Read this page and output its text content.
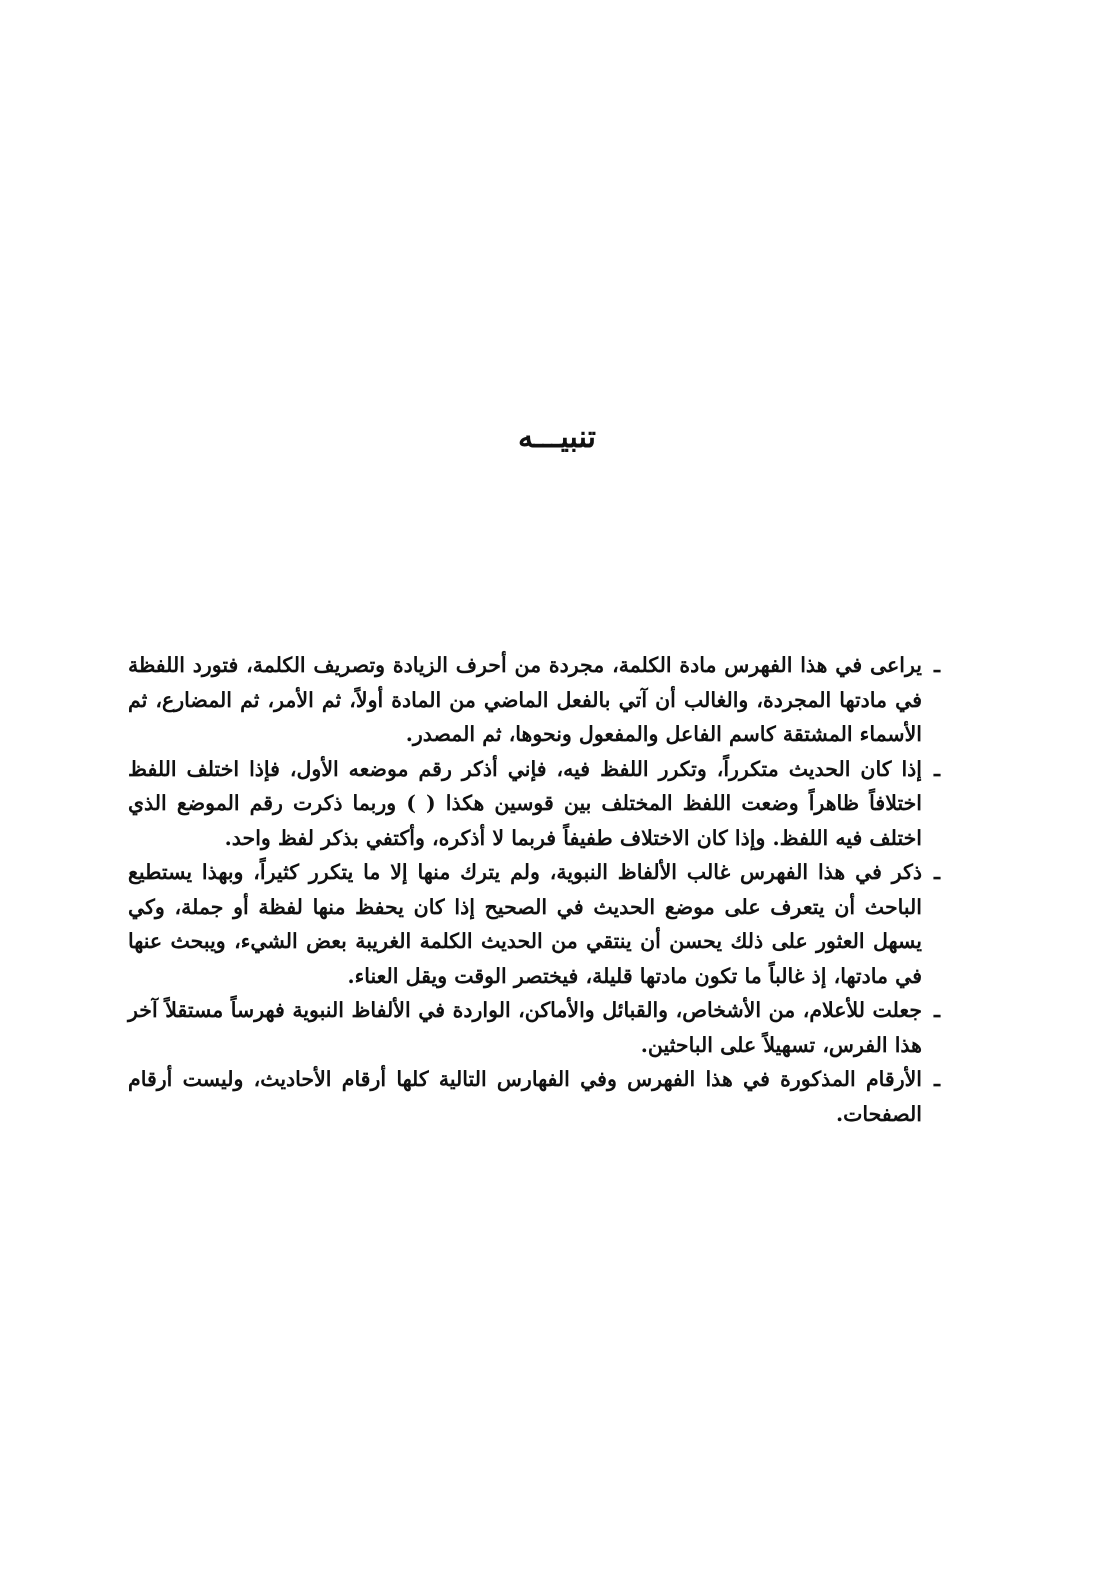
تنبيـــه
ـ
يراعى في هذا الفهرس مادة الكلمة، مجردة من أحرف الزيادة وتصريف الكلمة، فتورد اللفظة في مادتها المجردة، والغالب أن آتي بالفعل الماضي من المادة أولاً، ثم الأمر، ثم المضارع، ثم الأسماء المشتقة كاسم الفاعل والمفعول ونحوها، ثم المصدر.
ـ
إذا كان الحديث متكرراً، وتكرر اللفظ فيه، فإني أذكر رقم موضعه الأول، فإذا اختلف اللفظ اختلافاً ظاهراً وضعت اللفظ المختلف بين قوسين هكذا ( ) وربما ذكرت رقم الموضع الذي اختلف فيه اللفظ. وإذا كان الاختلاف طفيفاً فربما لا أذكره، وأكتفي بذكر لفظ واحد.
ـ
ذكر في هذا الفهرس غالب الألفاظ النبوية، ولم يترك منها إلا ما يتكرر كثيراً، وبهذا يستطيع الباحث أن يتعرف على موضع الحديث في الصحيح إذا كان يحفظ منها لفظة أو جملة، وكي يسهل العثور على ذلك يحسن أن ينتقي من الحديث الكلمة الغريبة بعض الشيء، ويبحث عنها في مادتها، إذ غالباً ما تكون مادتها قليلة، فيختصر الوقت ويقل العناء.
ـ
جعلت للأعلام، من الأشخاص، والقبائل والأماكن، الواردة في الألفاظ النبوية فهرساً مستقلاً آخر هذا الفرس، تسهيلاً على الباحثين.
ـ
الأرقام المذكورة في هذا الفهرس وفي الفهارس التالية كلها أرقام الأحاديث، وليست أرقام الصفحات.
